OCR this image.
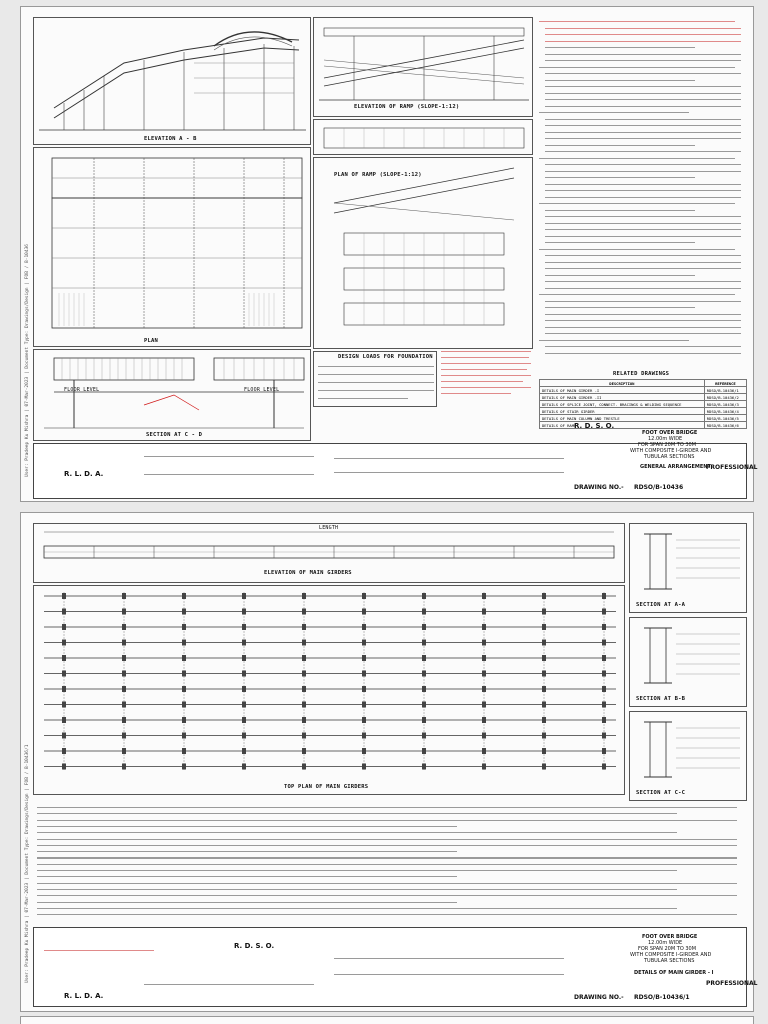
User: Pradeep Ku Mishra | 07-Mar-2023 | Document Type: Drawings/Design | FOB / B-10436
ELEVATION A - B
PLAN
FLOOR LEVEL	FLOOR LEVEL
SECTION AT C - D
ELEVATION OF RAMP (SLOPE-1:12)
PLAN OF RAMP (SLOPE-1:12)
DESIGN LOADS FOR FOUNDATION
RELATED DRAWINGS
DESCRIPTION	REFERENCE
DETAILS OF MAIN GIRDER -I	RDSO/B-10436/1
DETAILS OF MAIN GIRDER -II	RDSO/B-10436/2
DETAILS OF SPLICE JOINT, CONNECT. BRACINGS & WELDING SEQUENCE	RDSO/B-10436/3
DETAILS OF STAIR GIRDER	RDSO/B-10436/4
DETAILS OF MAIN COLUMN AND TRESTLE	RDSO/B-10436/5
DETAILS OF RAMP	RDSO/B-10436/6
R. L. D. A.
R. D. S. O.
FOOT OVER BRIDGE
12.00m WIDE
FOR SPAN 20M TO 30M
WITH COMPOSITE I-GIRDER AND
TUBULAR SECTIONS
GENERAL ARRANGEMENT
PROFESSIONAL
DRAWING NO.- RDSO/B-10436
User: Pradeep Ku Mishra | 07-Mar-2023 | Document Type: Drawings/Design | FOB / B-10436/1
ELEVATION OF MAIN GIRDERS
LENGTH
TOP PLAN OF MAIN GIRDERS
SECTION AT A-A
SECTION AT B-B
SECTION AT C-C
R. L. D. A.
R. D. S. O.
FOOT OVER BRIDGE
12.00m WIDE
FOR SPAN 20M TO 30M
WITH COMPOSITE I-GIRDER AND
TUBULAR SECTIONS
DETAILS OF MAIN GIRDER - I
PROFESSIONAL
DRAWING NO.- RDSO/B-10436/1
